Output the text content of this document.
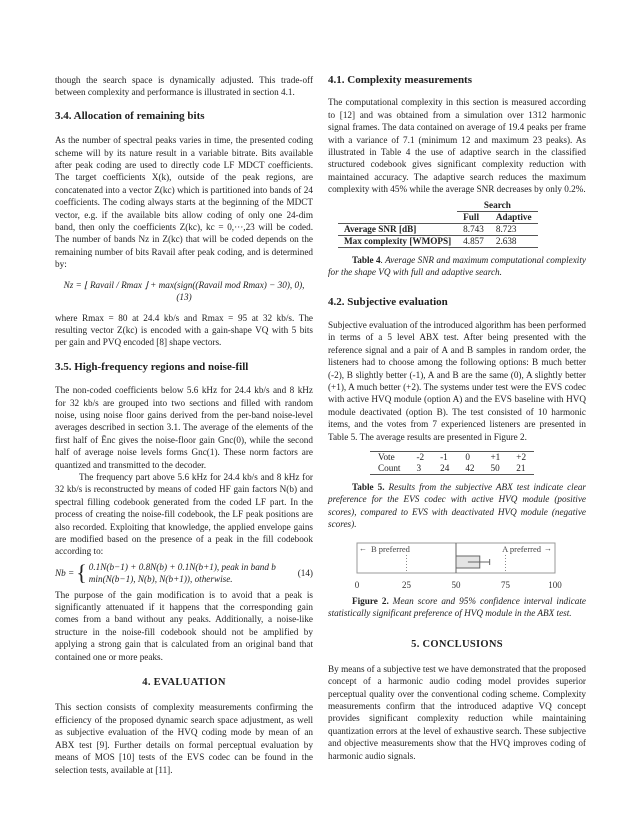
though the search space is dynamically adjusted. This trade-off between complexity and performance is illustrated in section 4.1.

3.4. Allocation of remaining bits

As the number of spectral peaks varies in time, the presented coding scheme will by its nature result in a variable bitrate. Bits available after peak coding are used to directly code LF MDCT coefficients. The target coefficients X(k), outside of the peak regions, are concatenated into a vector Z(kc) which is partitioned into bands of 24 coefficients. The coding always starts at the beginning of the MDCT vector, e.g. if the available bits allow coding of only one 24-dim band, then only the coefficients Z(kc), kc = 0,···,23 will be coded. The number of bands Nz in Z(kc) that will be coded depends on the remaining number of bits Ravail after peak coding, and is determined by:

Nz = ⌊ Ravail / Rmax ⌋ + max(sign((Ravail mod Rmax) − 30), 0), (13)

where Rmax = 80 at 24.4 kb/s and Rmax = 95 at 32 kb/s. The resulting vector Z(kc) is encoded with a gain-shape VQ with 5 bits per gain and PVQ encoded [8] shape vectors.

3.5. High-frequency regions and noise-fill

The non-coded coefficients below 5.6 kHz for 24.4 kb/s and 8 kHz for 32 kb/s are grouped into two sections and filled with random noise, using noise floor gains derived from the per-band noise-level averages described in section 3.1. The average of the elements of the first half of Ēnc gives the noise-floor gain Gnc(0), while the second half of average noise levels forms Gnc(1). These norm factors are quantized and transmitted to the decoder.

The frequency part above 5.6 kHz for 24.4 kb/s and 8 kHz for 32 kb/s is reconstructed by means of coded HF gain factors N(b) and spectral filling codebook generated from the coded LF part. In the process of creating the noise-fill codebook, the LF peak positions are also recorded. Exploiting that knowledge, the applied envelope gains are modified based on the presence of a peak in the fill codebook according to:

Nb = { 0.1N(b−1) + 0.8N(b) + 0.1N(b+1), peak in band b
min(N(b−1), N(b), N(b+1)), otherwise.
(14)

The purpose of the gain modification is to avoid that a peak is significantly attenuated if it happens that the corresponding gain comes from a band without any peaks. Additionally, a noise-like structure in the noise-fill codebook should not be amplified by applying a strong gain that is calculated from an original band that contained one or more peaks.

4. EVALUATION

This section consists of complexity measurements confirming the efficiency of the proposed dynamic search space adjustment, as well as subjective evaluation of the HVQ coding mode by mean of an ABX test [9]. Further details on formal perceptual evaluation by means of MOS [10] tests of the EVS codec can be found in the selection tests, available at [11].

4.1. Complexity measurements

The computational complexity in this section is measured according to [12] and was obtained from a simulation over 1312 harmonic signal frames. The data contained on average of 19.4 peaks per frame with a variance of 7.1 (minimum 12 and maximum 23 peaks). As illustrated in Table 4 the use of adaptive search in the classified structured codebook gives significant complexity reduction with maintained accuracy. The adaptive search reduces the maximum complexity with 45% while the average SNR decreases by only 0.2%.

	Search	
	Full	Adaptive
Average SNR [dB]	8.743	8.723
Max complexity [WMOPS]	4.857	2.638

Table 4. Average SNR and maximum computational complexity for the shape VQ with full and adaptive search.

4.2. Subjective evaluation

Subjective evaluation of the introduced algorithm has been performed in terms of a 5 level ABX test. After being presented with the reference signal and a pair of A and B samples in random order, the listeners had to choose among the following options: B much better (-2), B slightly better (-1), A and B are the same (0), A slightly better (+1), A much better (+2). The systems under test were the EVS codec with active HVQ module (option A) and the EVS baseline with HVQ module deactivated (option B). The test consisted of 10 harmonic items, and the votes from 7 experienced listeners are presented in Table 5. The average results are presented in Figure 2.

Vote	-2	-1	0	+1	+2
Count	3	24	42	50	21

Table 5. Results from the subjective ABX test indicate clear preference for the EVS codec with active HVQ module (positive scores), compared to EVS with deactivated HVQ module (negative scores).

0	25	50	75	100
← B preferred	A preferred →

Figure 2. Mean score and 95% confidence interval indicate statistically significant preference of HVQ module in the ABX test.

5. CONCLUSIONS

By means of a subjective test we have demonstrated that the proposed concept of a harmonic audio coding model provides superior perceptual quality over the conventional coding scheme. Complexity measurements confirm that the introduced adaptive VQ concept provides significant complexity reduction while maintaining quantization errors at the level of exhaustive search. These subjective and objective measurements show that the HVQ improves coding of harmonic audio signals.
